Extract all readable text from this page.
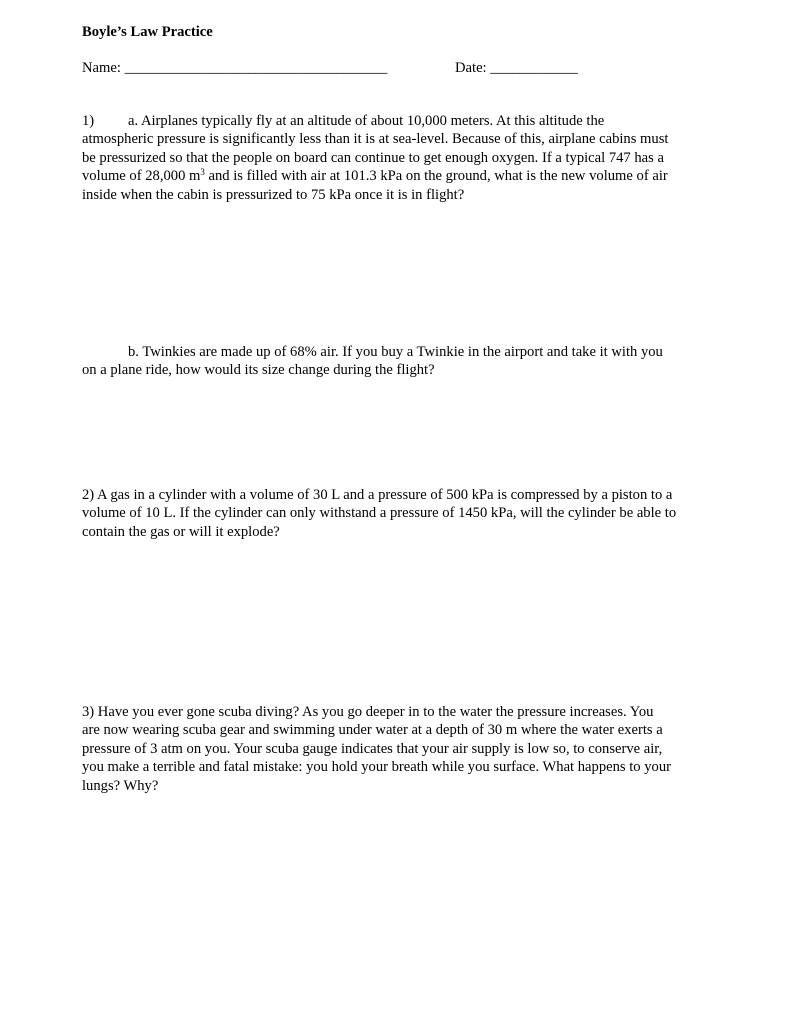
Boyle’s Law Practice
Name: ____________________________________	Date: ____________
1) a. Airplanes typically fly at an altitude of about 10,000 meters. At this altitude the
atmospheric pressure is significantly less than it is at sea-level. Because of this, airplane cabins must
be pressurized so that the people on board can continue to get enough oxygen. If a typical 747 has a
volume of 28,000 $m^3$ and is filled with air at 101.3 kPa on the ground, what is the new volume of air
inside when the cabin is pressurized to 75 kPa once it is in flight?
b. Twinkies are made up of 68% air. If you buy a Twinkie in the airport and take it with you
on a plane ride, how would its size change during the flight?
2) A gas in a cylinder with a volume of 30 L and a pressure of 500 kPa is compressed by a piston to a
volume of 10 L. If the cylinder can only withstand a pressure of 1450 kPa, will the cylinder be able to
contain the gas or will it explode?
3) Have you ever gone scuba diving? As you go deeper in to the water the pressure increases. You
are now wearing scuba gear and swimming under water at a depth of 30 m where the water exerts a
pressure of 3 atm on you. Your scuba gauge indicates that your air supply is low so, to conserve air,
you make a terrible and fatal mistake: you hold your breath while you surface. What happens to your
lungs? Why?
